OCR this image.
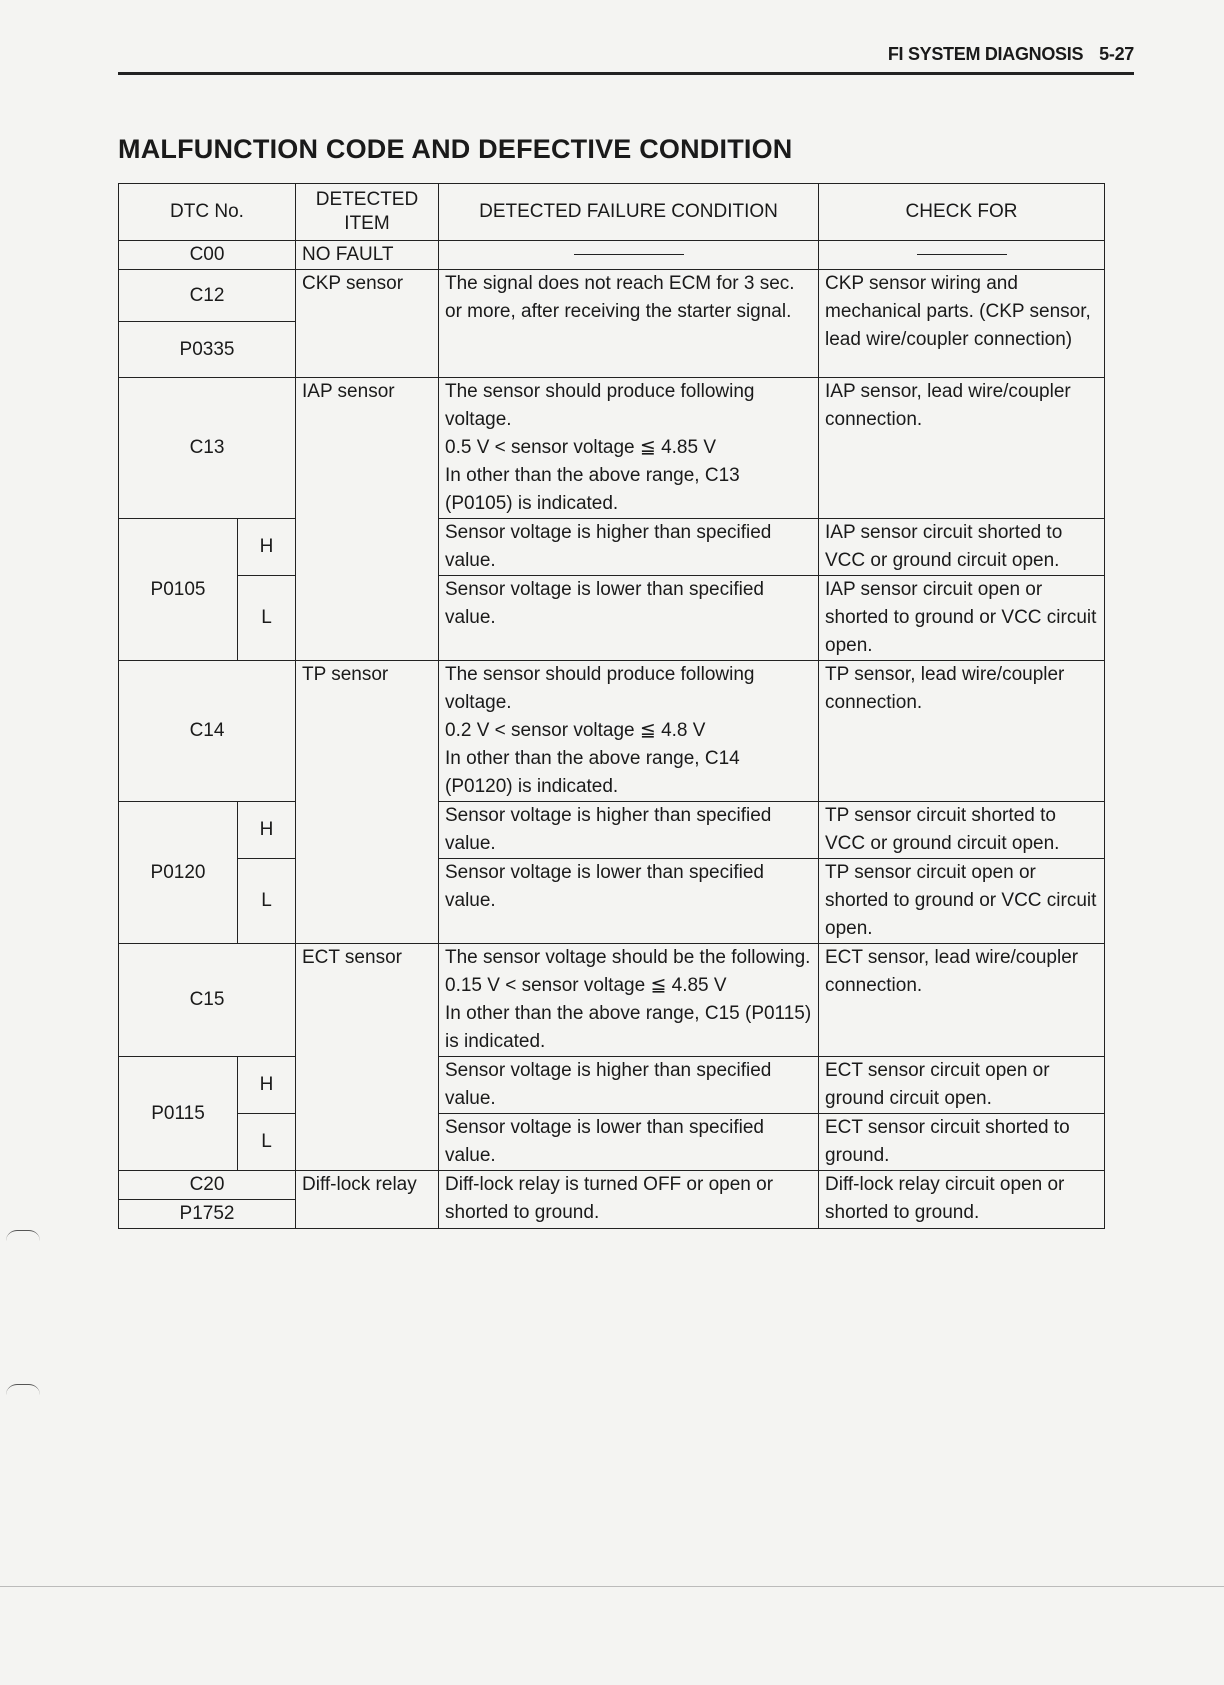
FI SYSTEM DIAGNOSIS 5-27
MALFUNCTION CODE AND DEFECTIVE CONDITION
DTC No.		DETECTED ITEM	DETECTED FAILURE CONDITION	CHECK FOR
C00		NO FAULT		
C12		CKP sensor	The signal does not reach ECM for 3 sec. or more, after receiving the starter signal.	CKP sensor wiring and mechanical parts. (CKP sensor, lead wire/coupler connection)
P0335				
C13		IAP sensor	The sensor should produce following voltage.
0.5 V < sensor voltage ≦ 4.85 V
In other than the above range, C13 (P0105) is indicated.	IAP sensor, lead wire/coupler connection.
P0105	H		Sensor voltage is higher than specified value.	IAP sensor circuit shorted to VCC or ground circuit open.
	L		Sensor voltage is lower than specified value.	IAP sensor circuit open or shorted to ground or VCC circuit open.
C14		TP sensor	The sensor should produce following voltage.
0.2 V < sensor voltage ≦ 4.8 V
In other than the above range, C14 (P0120) is indicated.	TP sensor, lead wire/coupler connection.
P0120	H		Sensor voltage is higher than specified value.	TP sensor circuit shorted to VCC or ground circuit open.
	L		Sensor voltage is lower than specified value.	TP sensor circuit open or shorted to ground or VCC circuit open.
C15		ECT sensor	The sensor voltage should be the following.
0.15 V < sensor voltage ≦ 4.85 V
In other than the above range, C15 (P0115) is indicated.	ECT sensor, lead wire/coupler connection.
P0115	H		Sensor voltage is higher than specified value.	ECT sensor circuit open or ground circuit open.
	L		Sensor voltage is lower than specified value.	ECT sensor circuit shorted to ground.
C20		Diff-lock relay	Diff-lock relay is turned OFF or open or shorted to ground.	Diff-lock relay circuit open or shorted to ground.
P1752				
